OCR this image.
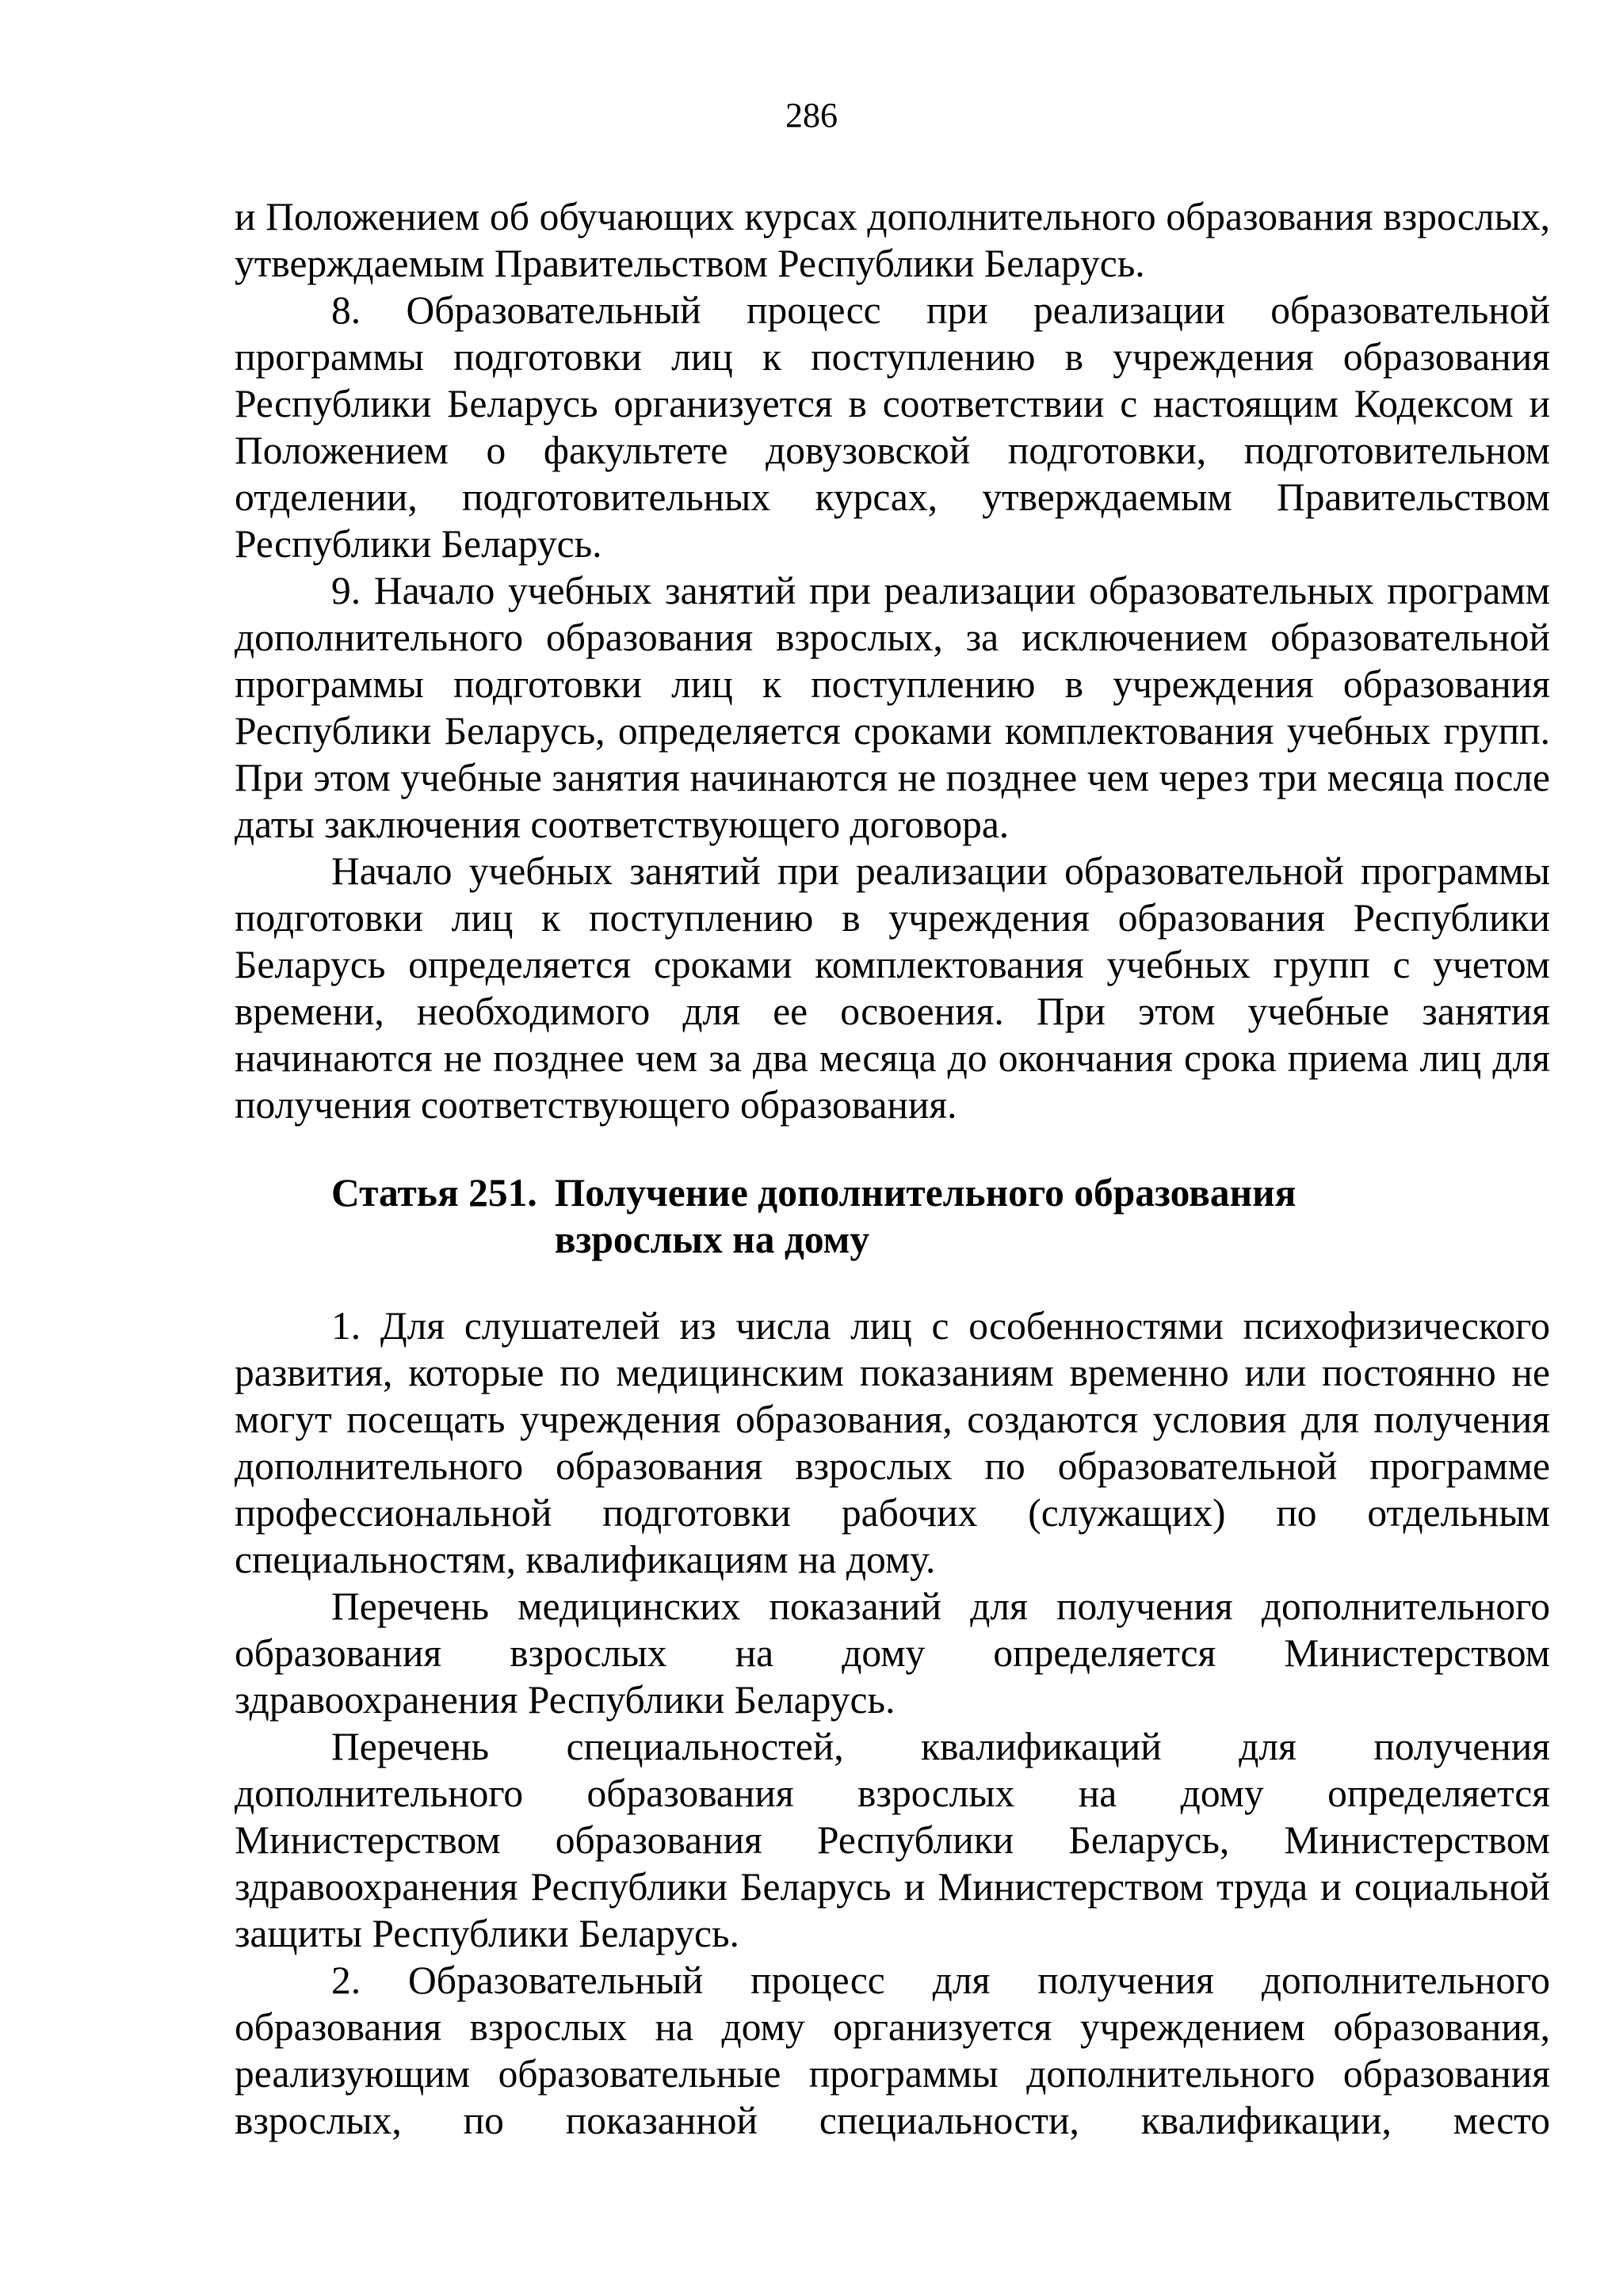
286

и Положением об обучающих курсах дополнительного образования взрослых, утверждаемым Правительством Республики Беларусь.

8. Образовательный процесс при реализации образовательной программы подготовки лиц к поступлению в учреждения образования Республики Беларусь организуется в соответствии с настоящим Кодексом и Положением о факультете довузовской подготовки, подготовительном отделении, подготовительных курсах, утверждаемым Правительством Республики Беларусь.

9. Начало учебных занятий при реализации образовательных программ дополнительного образования взрослых, за исключением образовательной программы подготовки лиц к поступлению в учреждения образования Республики Беларусь, определяется сроками комплектования учебных групп. При этом учебные занятия начинаются не позднее чем через три месяца после даты заключения соответствующего договора.

Начало учебных занятий при реализации образовательной программы подготовки лиц к поступлению в учреждения образования Республики Беларусь определяется сроками комплектования учебных групп с учетом времени, необходимого для ее освоения. При этом учебные занятия начинаются не позднее чем за два месяца до окончания срока приема лиц для получения соответствующего образования.

Статья 251. Получение дополнительного образования взрослых на дому

1. Для слушателей из числа лиц с особенностями психофизического развития, которые по медицинским показаниям временно или постоянно не могут посещать учреждения образования, создаются условия для получения дополнительного образования взрослых по образовательной программе профессиональной подготовки рабочих (служащих) по отдельным специальностям, квалификациям на дому.

Перечень медицинских показаний для получения дополнительного образования взрослых на дому определяется Министерством здравоохранения Республики Беларусь.

Перечень специальностей, квалификаций для получения дополнительного образования взрослых на дому определяется Министерством образования Республики Беларусь, Министерством здравоохранения Республики Беларусь и Министерством труда и социальной защиты Республики Беларусь.

2. Образовательный процесс для получения дополнительного образования взрослых на дому организуется учреждением образования, реализующим образовательные программы дополнительного образования взрослых, по показанной специальности, квалификации, место
